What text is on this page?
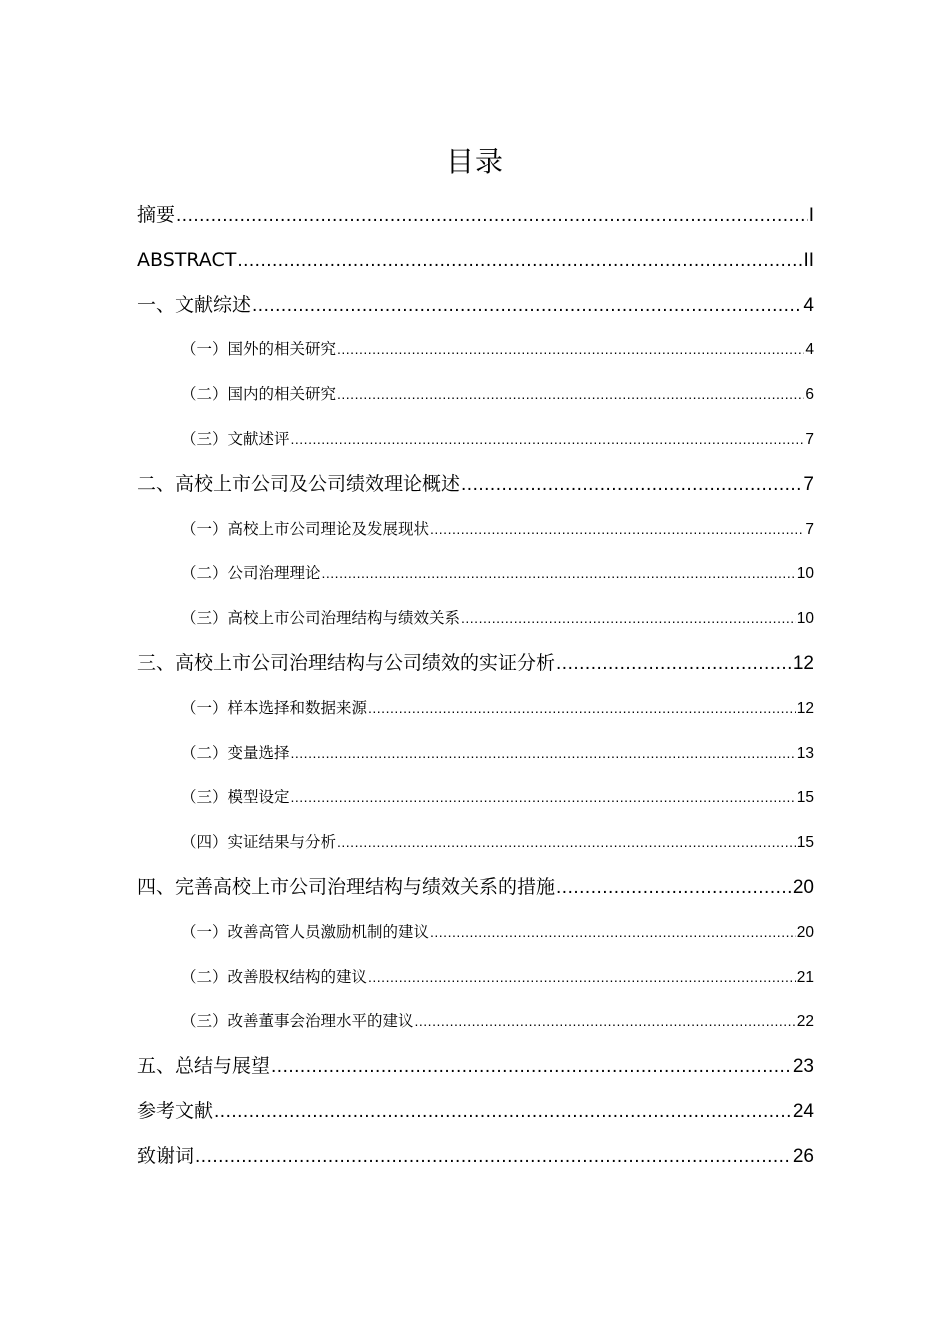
目录
摘要 .....	I
ABSTRACT .....	II
一、文献综述 .....	4
（一）国外的相关研究 .....	4
（二）国内的相关研究 .....	6
（三）文献述评 .....	7
二、高校上市公司及公司绩效理论概述 .....	7
（一）高校上市公司理论及发展现状 .....	7
（二）公司治理理论 .....	10
（三）高校上市公司治理结构与绩效关系 .....	10
三、高校上市公司治理结构与公司绩效的实证分析 .....	12
（一）样本选择和数据来源 .....	12
（二）变量选择 .....	13
（三）模型设定 .....	15
（四）实证结果与分析 .....	15
四、完善高校上市公司治理结构与绩效关系的措施 .....	20
（一）改善高管人员激励机制的建议 .....	20
（二）改善股权结构的建议 .....	21
（三）改善董事会治理水平的建议 .....	22
五、总结与展望 .....	23
参考文献 .....	24
致谢词 .....	26
